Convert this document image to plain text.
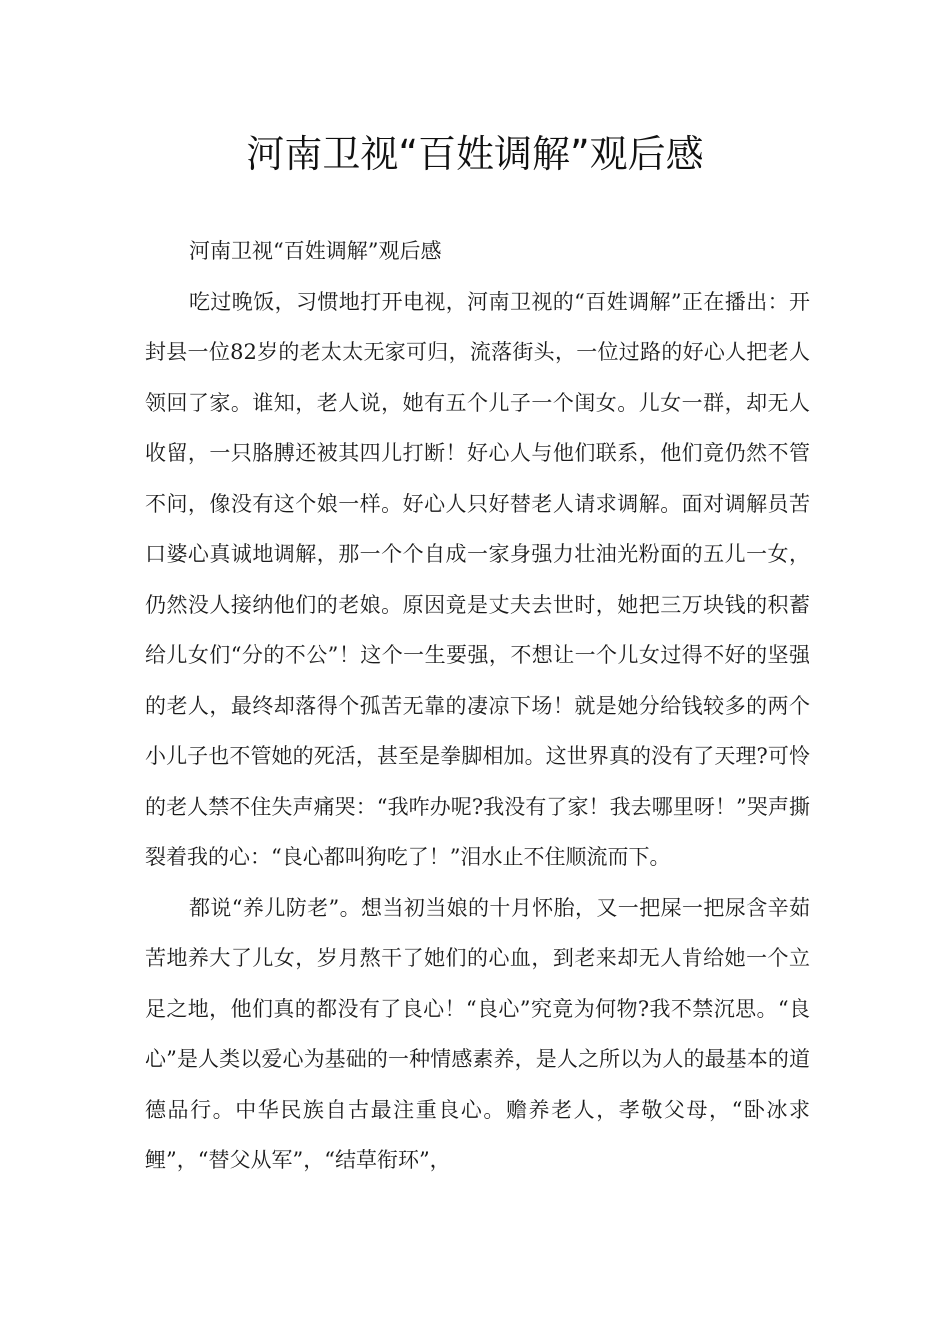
河南卫视“百姓调解”观后感

河南卫视“百姓调解”观后感

吃过晚饭，习惯地打开电视，河南卫视的“百姓调解”正在播出：开封县一位82岁的老太太无家可归，流落街头，一位过路的好心人把老人领回了家。谁知，老人说，她有五个儿子一个闺女。儿女一群，却无人收留，一只胳膊还被其四儿打断！好心人与他们联系，他们竟仍然不管不问，像没有这个娘一样。好心人只好替老人请求调解。面对调解员苦口婆心真诚地调解，那一个个自成一家身强力壮油光粉面的五儿一女，仍然没人接纳他们的老娘。原因竟是丈夫去世时，她把三万块钱的积蓄给儿女们“分的不公”！这个一生要强，不想让一个儿女过得不好的坚强的老人，最终却落得个孤苦无靠的凄凉下场！就是她分给钱较多的两个小儿子也不管她的死活，甚至是拳脚相加。这世界真的没有了天理?可怜的老人禁不住失声痛哭：“我咋办呢?我没有了家！我去哪里呀！”哭声撕裂着我的心：“良心都叫狗吃了！”泪水止不住顺流而下。

都说“养儿防老”。想当初当娘的十月怀胎，又一把屎一把尿含辛茹苦地养大了儿女，岁月熬干了她们的心血，到老来却无人肯给她一个立足之地，他们真的都没有了良心！“良心”究竟为何物?我不禁沉思。“良心”是人类以爱心为基础的一种情感素养，是人之所以为人的最基本的道德品行。中华民族自古最注重良心。赡养老人，孝敬父母，“卧冰求鲤”，“替父从军”，“结草衔环”，
